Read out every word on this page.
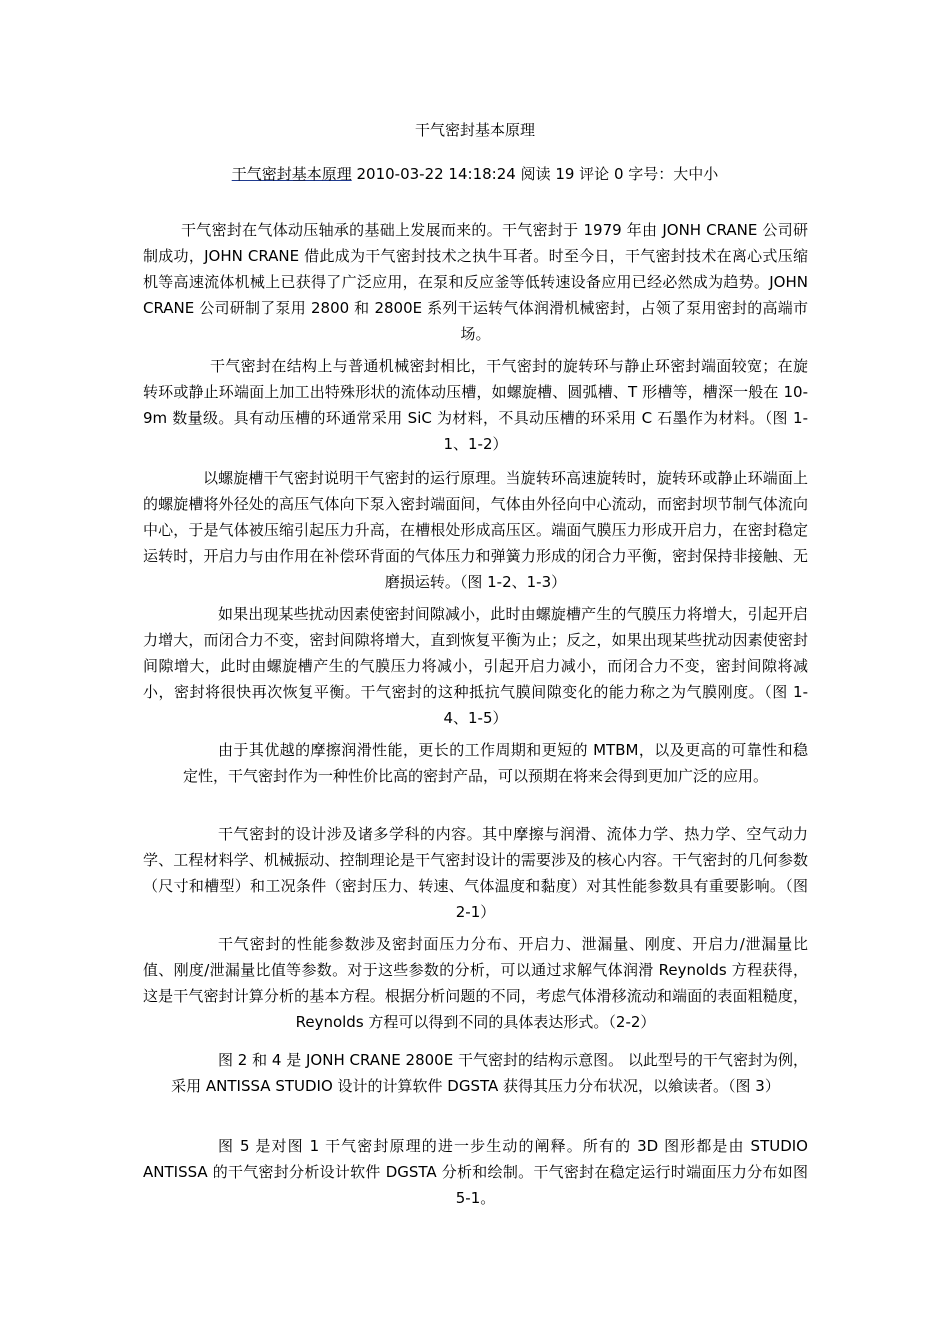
干气密封基本原理
干气密封基本原理 2010-03-22 14:18:24 阅读 19 评论 0 字号：大中小

干气密封在气体动压轴承的基础上发展而来的。干气密封于 1979 年由 JONH CRANE 公司研制成功，JOHN CRANE 借此成为干气密封技术之执牛耳者。时至今日，干气密封技术在离心式压缩机等高速流体机械上已获得了广泛应用，在泵和反应釜等低转速设备应用已经必然成为趋势。JOHN CRANE 公司研制了泵用 2800 和 2800E 系列干运转气体润滑机械密封，占领了泵用密封的高端市场。

干气密封在结构上与普通机械密封相比，干气密封的旋转环与静止环密封端面较宽；在旋转环或静止环端面上加工出特殊形状的流体动压槽，如螺旋槽、圆弧槽、T 形槽等，槽深一般在 10-9m 数量级。具有动压槽的环通常采用 SiC 为材料，不具动压槽的环采用 C 石墨作为材料。（图 1-1、1-2）

以螺旋槽干气密封说明干气密封的运行原理。当旋转环高速旋转时，旋转环或静止环端面上的螺旋槽将外径处的高压气体向下泵入密封端面间，气体由外径向中心流动，而密封坝节制气体流向中心，于是气体被压缩引起压力升高，在槽根处形成高压区。端面气膜压力形成开启力，在密封稳定运转时，开启力与由作用在补偿环背面的气体压力和弹簧力形成的闭合力平衡，密封保持非接触、无磨损运转。（图 1-2、1-3）

如果出现某些扰动因素使密封间隙减小，此时由螺旋槽产生的气膜压力将增大，引起开启力增大，而闭合力不变，密封间隙将增大，直到恢复平衡为止；反之，如果出现某些扰动因素使密封间隙增大，此时由螺旋槽产生的气膜压力将减小，引起开启力减小，而闭合力不变，密封间隙将减小，密封将很快再次恢复平衡。干气密封的这种抵抗气膜间隙变化的能力称之为气膜刚度。（图 1-4、1-5）

由于其优越的摩擦润滑性能，更长的工作周期和更短的 MTBM，以及更高的可靠性和稳定性，干气密封作为一种性价比高的密封产品，可以预期在将来会得到更加广泛的应用。

干气密封的设计涉及诸多学科的内容。其中摩擦与润滑、流体力学、热力学、空气动力学、工程材料学、机械振动、控制理论是干气密封设计的需要涉及的核心内容。干气密封的几何参数（尺寸和槽型）和工况条件（密封压力、转速、气体温度和黏度）对其性能参数具有重要影响。（图 2-1）

干气密封的性能参数涉及密封面压力分布、开启力、泄漏量、刚度、开启力/泄漏量比值、刚度/泄漏量比值等参数。对于这些参数的分析，可以通过求解气体润滑 Reynolds 方程获得，这是干气密封计算分析的基本方程。根据分析问题的不同，考虑气体滑移流动和端面的表面粗糙度，Reynolds 方程可以得到不同的具体表达形式。（2-2）

图 2 和 4 是 JONH CRANE 2800E 干气密封的结构示意图。 以此型号的干气密封为例，采用 ANTISSA STUDIO 设计的计算软件 DGSTA 获得其压力分布状况，以飨读者。（图 3）

图 5 是对图 1 干气密封原理的进一步生动的阐释。所有的 3D 图形都是由 STUDIO ANTISSA 的干气密封分析设计软件 DGSTA 分析和绘制。干气密封在稳定运行时端面压力分布如图 5-1。
